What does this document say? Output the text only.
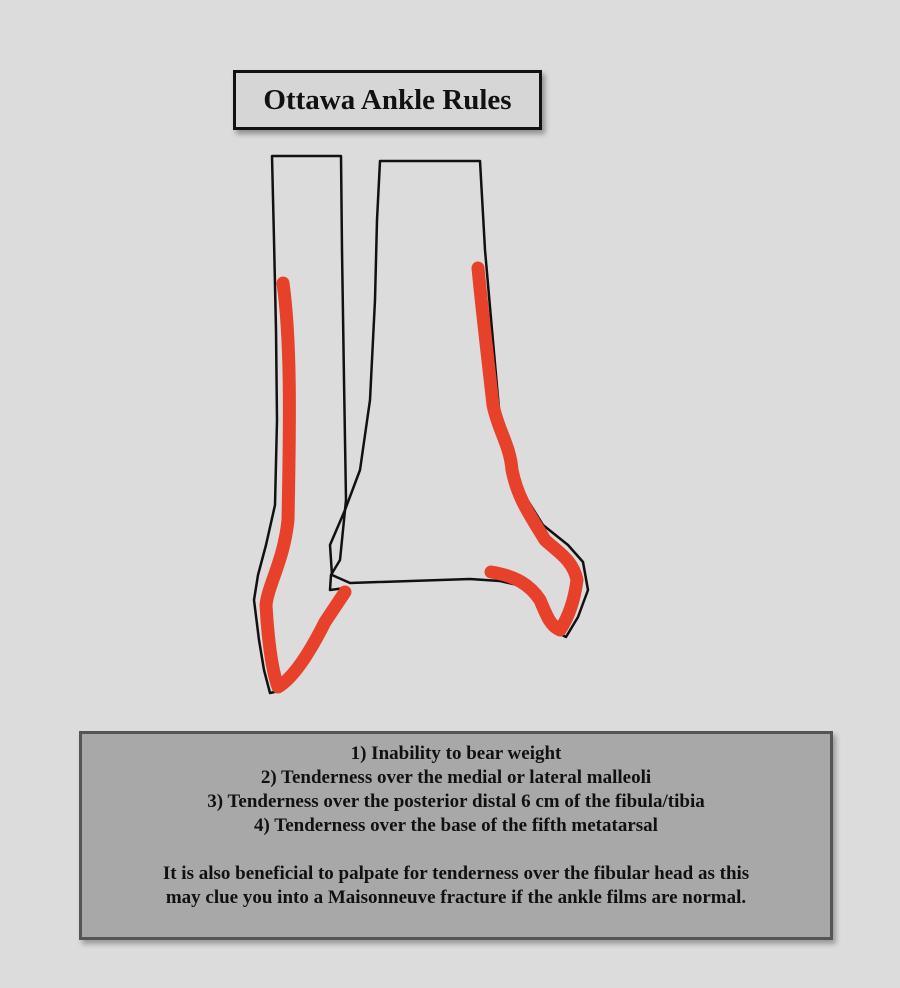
Ottawa Ankle Rules
1) Inability to bear weight
2) Tenderness over the medial or lateral malleoli
3) Tenderness over the posterior distal 6 cm of the fibula/tibia
4) Tenderness over the base of the fifth metatarsal
It is also beneficial to palpate for tenderness over the fibular head as this
may clue you into a Maisonneuve fracture if the ankle films are normal.
